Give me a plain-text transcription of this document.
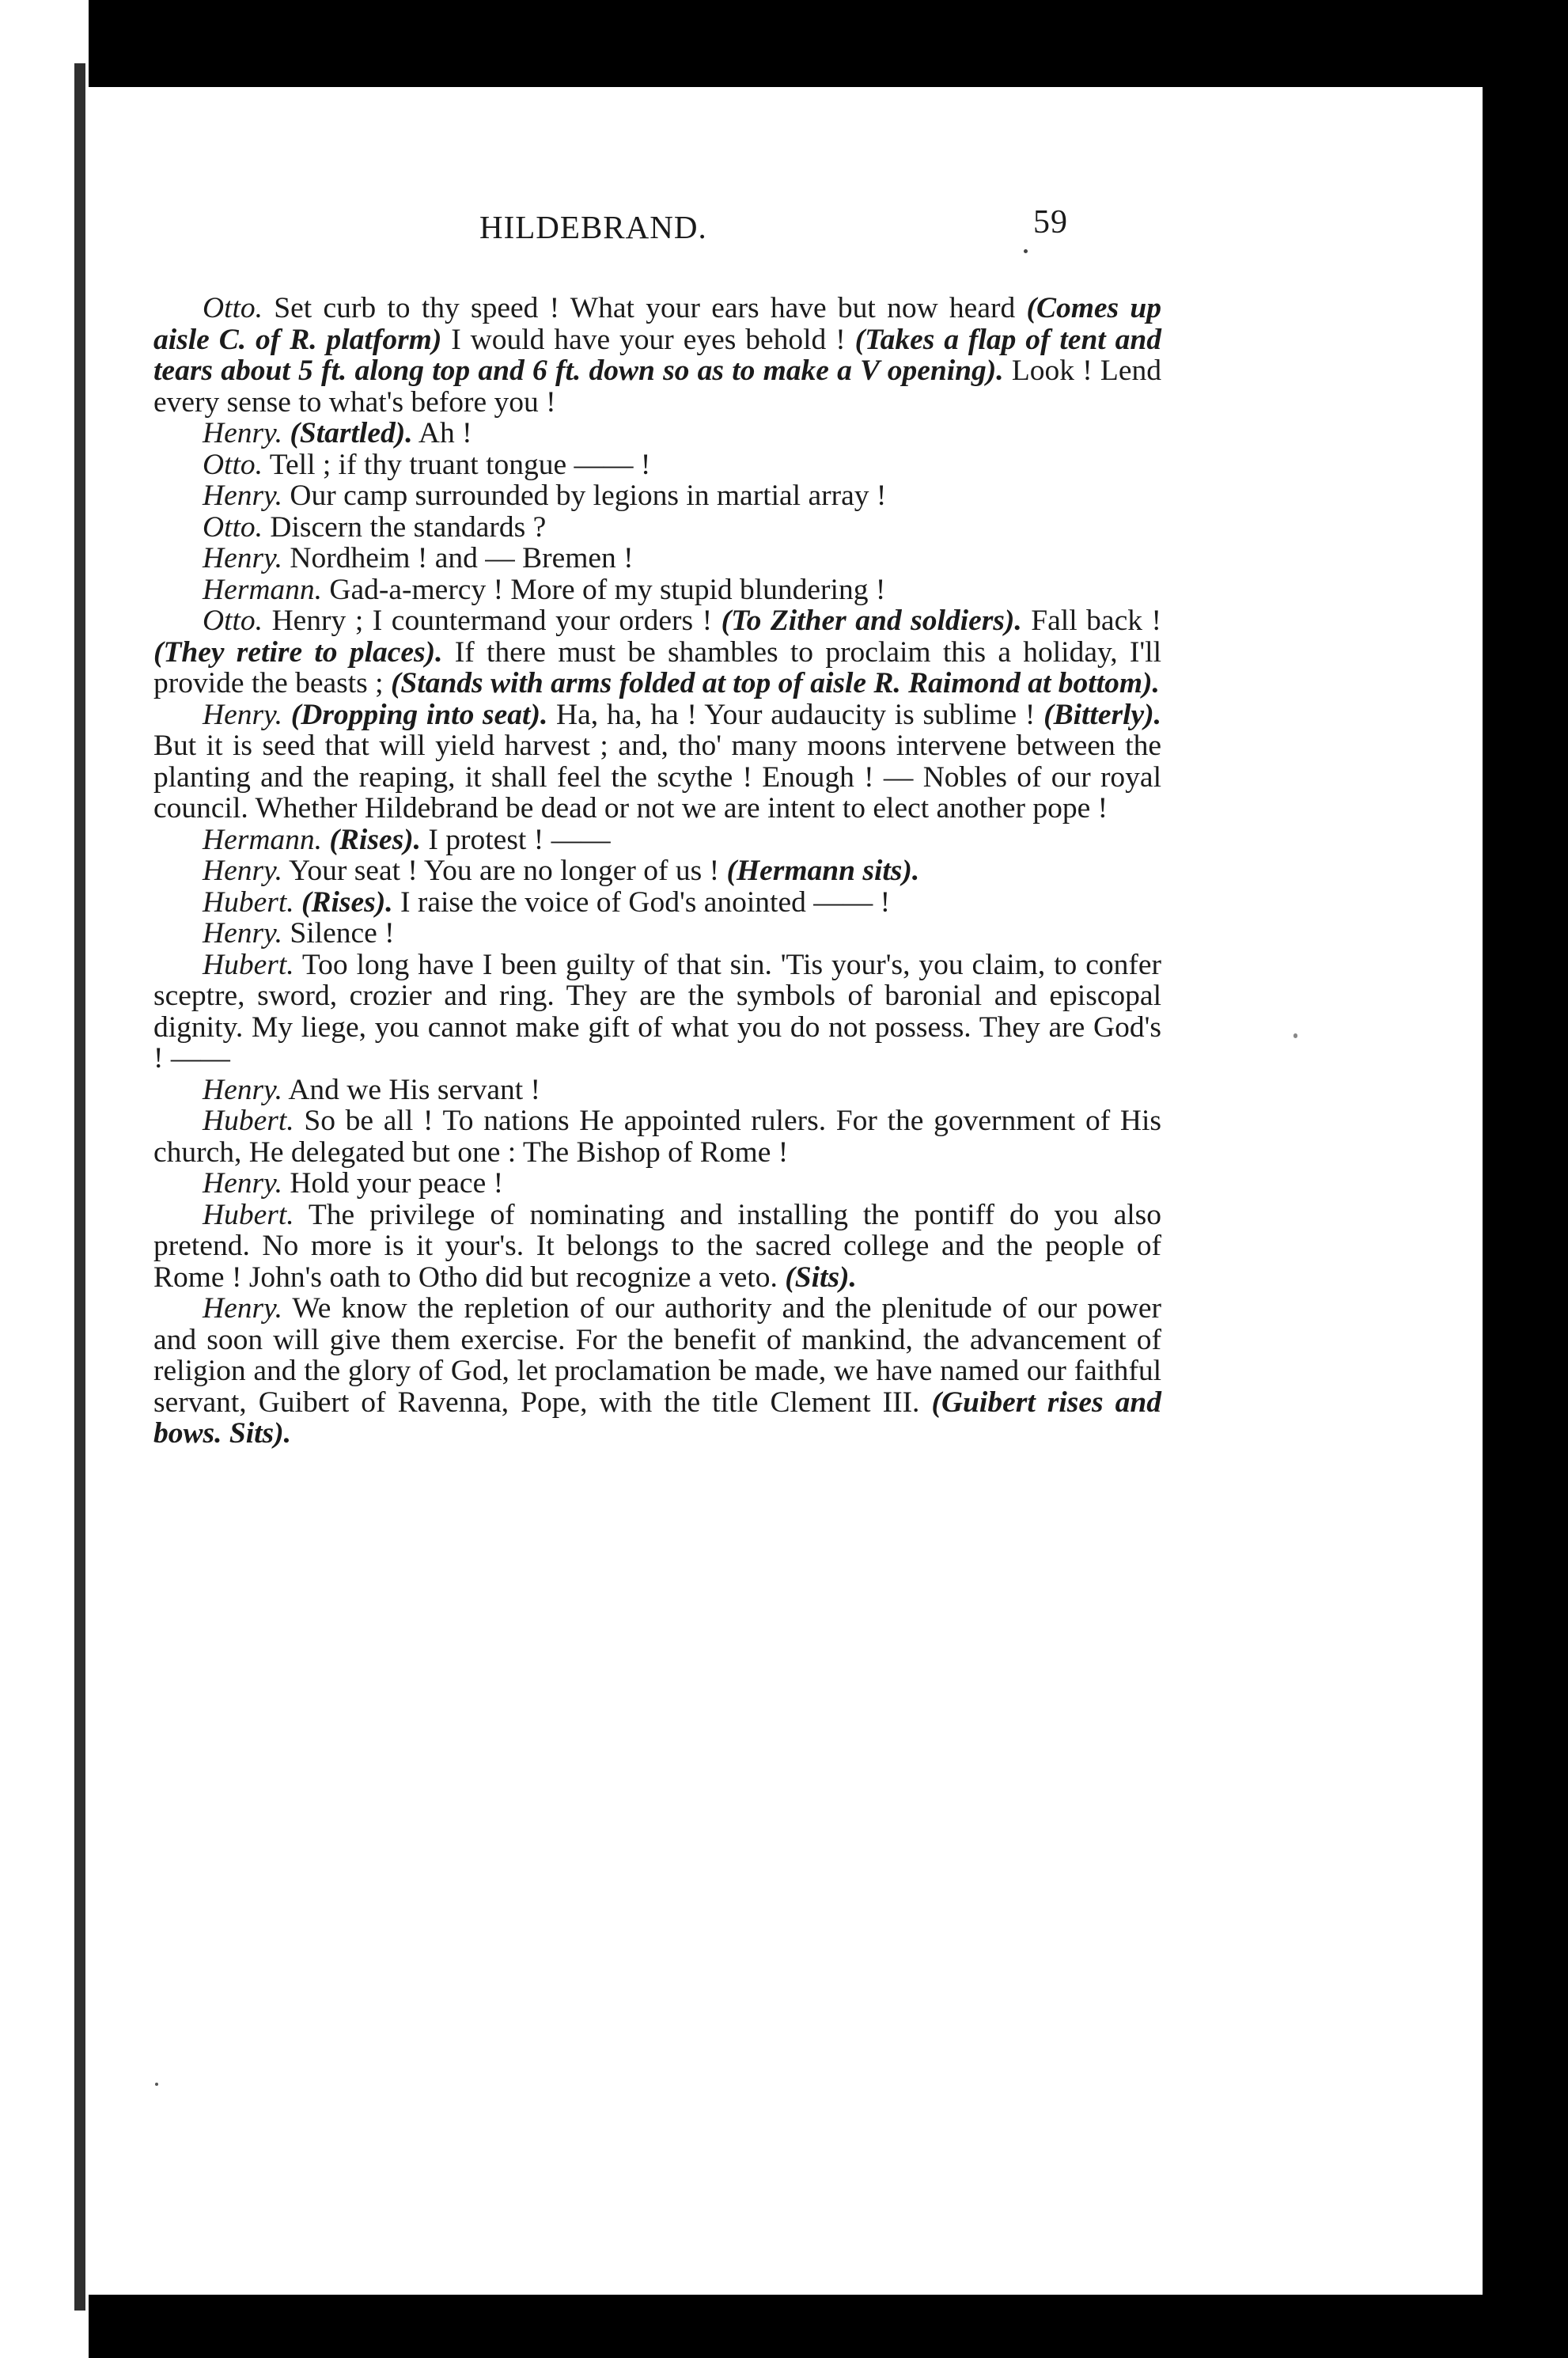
HILDEBRAND.	59

Otto. Set curb to thy speed ! What your ears have but now heard (Comes up aisle C. of R. platform) I would have your eyes behold ! (Takes a flap of tent and tears about 5 ft. along top and 6 ft. down so as to make a V opening). Look ! Lend every sense to what's before you !

Henry. (Startled). Ah !

Otto. Tell ; if thy truant tongue —— !

Henry. Our camp surrounded by legions in martial array !

Otto. Discern the standards ?

Henry. Nordheim ! and — Bremen !

Hermann. Gad-a-mercy ! More of my stupid blundering !

Otto. Henry ; I countermand your orders ! (To Zither and soldiers). Fall back ! (They retire to places). If there must be shambles to proclaim this a holiday, I'll provide the beasts ; (Stands with arms folded at top of aisle R. Raimond at bottom).

Henry. (Dropping into seat). Ha, ha, ha ! Your audaucity is sublime ! (Bitterly). But it is seed that will yield harvest ; and, tho' many moons intervene between the planting and the reaping, it shall feel the scythe ! Enough ! — Nobles of our royal council. Whether Hildebrand be dead or not we are intent to elect another pope !

Hermann. (Rises). I protest ! ——

Henry. Your seat ! You are no longer of us ! (Hermann sits).

Hubert. (Rises). I raise the voice of God's anointed —— !

Henry. Silence !

Hubert. Too long have I been guilty of that sin. 'Tis your's, you claim, to confer sceptre, sword, crozier and ring. They are the symbols of baronial and episcopal dignity. My liege, you cannot make gift of what you do not possess. They are God's ! ——

Henry. And we His servant !

Hubert. So be all ! To nations He appointed rulers. For the government of His church, He delegated but one : The Bishop of Rome !

Henry. Hold your peace !

Hubert. The privilege of nominating and installing the pontiff do you also pretend. No more is it your's. It belongs to the sacred college and the people of Rome ! John's oath to Otho did but recognize a veto. (Sits).

Henry. We know the repletion of our authority and the plenitude of our power and soon will give them exercise. For the benefit of mankind, the advancement of religion and the glory of God, let proclamation be made, we have named our faithful servant, Guibert of Ravenna, Pope, with the title Clement III. (Guibert rises and bows. Sits).
